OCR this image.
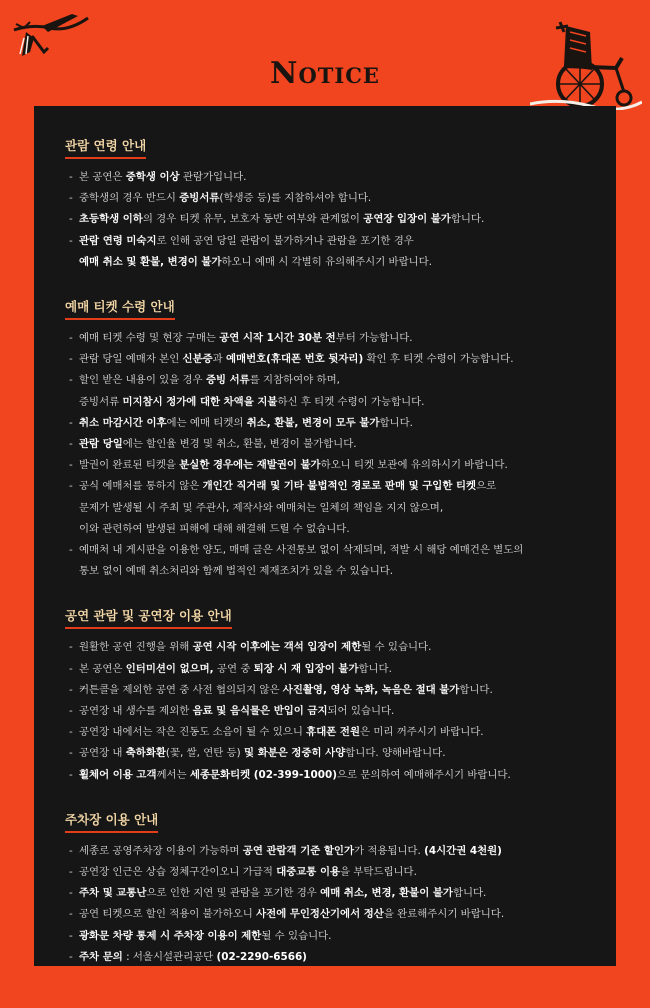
Notice
관람 연령 안내
- 본 공연은 중학생 이상 관람가입니다.
- 중학생의 경우 반드시 증빙서류(학생증 등)를 지참하셔야 합니다.
- 초등학생 이하의 경우 티켓 유무, 보호자 동반 여부와 관계없이 공연장 입장이 불가합니다.
- 관람 연령 미숙지로 인해 공연 당일 관람이 불가하거나 관람을 포기한 경우
예매 취소 및 환불, 변경이 불가하오니 예매 시 각별히 유의해주시기 바랍니다.
예매 티켓 수령 안내
- 예매 티켓 수령 및 현장 구매는 공연 시작 1시간 30분 전부터 가능합니다.
- 관람 당일 예매자 본인 신분증과 예매번호(휴대폰 번호 뒷자리) 확인 후 티켓 수령이 가능합니다.
- 할인 받은 내용이 있을 경우 증빙 서류를 지참하여야 하며,
증빙서류 미지참시 정가에 대한 차액을 지불하신 후 티켓 수령이 가능합니다.
- 취소 마감시간 이후에는 예매 티켓의 취소, 환불, 변경이 모두 불가합니다.
- 관람 당일에는 할인율 변경 및 취소, 환불, 변경이 불가합니다.
- 발권이 완료된 티켓을 분실한 경우에는 재발권이 불가하오니 티켓 보관에 유의하시기 바랍니다.
- 공식 예매처를 통하지 않은 개인간 직거래 및 기타 불법적인 경로로 판매 및 구입한 티켓으로
문제가 발생될 시 주최 및 주관사, 제작사와 예매처는 일체의 책임을 지지 않으며,
이와 관련하여 발생된 피해에 대해 해결해 드릴 수 없습니다.
- 예매처 내 게시판을 이용한 양도, 매매 글은 사전통보 없이 삭제되며, 적발 시 해당 예매건은 별도의
통보 없이 예매 취소처리와 함께 법적인 제재조치가 있을 수 있습니다.
공연 관람 및 공연장 이용 안내
- 원활한 공연 진행을 위해 공연 시작 이후에는 객석 입장이 제한될 수 있습니다.
- 본 공연은 인터미션이 없으며, 공연 중 퇴장 시 재 입장이 불가합니다.
- 커튼콜을 제외한 공연 중 사전 협의되지 않은 사진촬영, 영상 녹화, 녹음은 절대 불가합니다.
- 공연장 내 생수를 제외한 음료 및 음식물은 반입이 금지되어 있습니다.
- 공연장 내에서는 작은 진동도 소음이 될 수 있으니 휴대폰 전원은 미리 꺼주시기 바랍니다.
- 공연장 내 축하화환(꽃, 쌀, 연탄 등) 및 화분은 정중히 사양합니다. 양해바랍니다.
- 휠체어 이용 고객께서는 세종문화티켓 (02-399-1000)으로 문의하여 예매해주시기 바랍니다.
주차장 이용 안내
- 세종로 공영주차장 이용이 가능하며 공연 관람객 기준 할인가가 적용됩니다. (4시간권 4천원)
- 공연장 인근은 상습 정체구간이오니 가급적 대중교통 이용을 부탁드립니다.
- 주차 및 교통난으로 인한 지연 및 관람을 포기한 경우 예매 취소, 변경, 환불이 불가합니다.
- 공연 티켓으로 할인 적용이 불가하오니 사전에 무인정산기에서 정산을 완료해주시기 바랍니다.
- 광화문 차량 통제 시 주차장 이용이 제한될 수 있습니다.
- 주차 문의 : 서울시설관리공단 (02-2290-6566)
